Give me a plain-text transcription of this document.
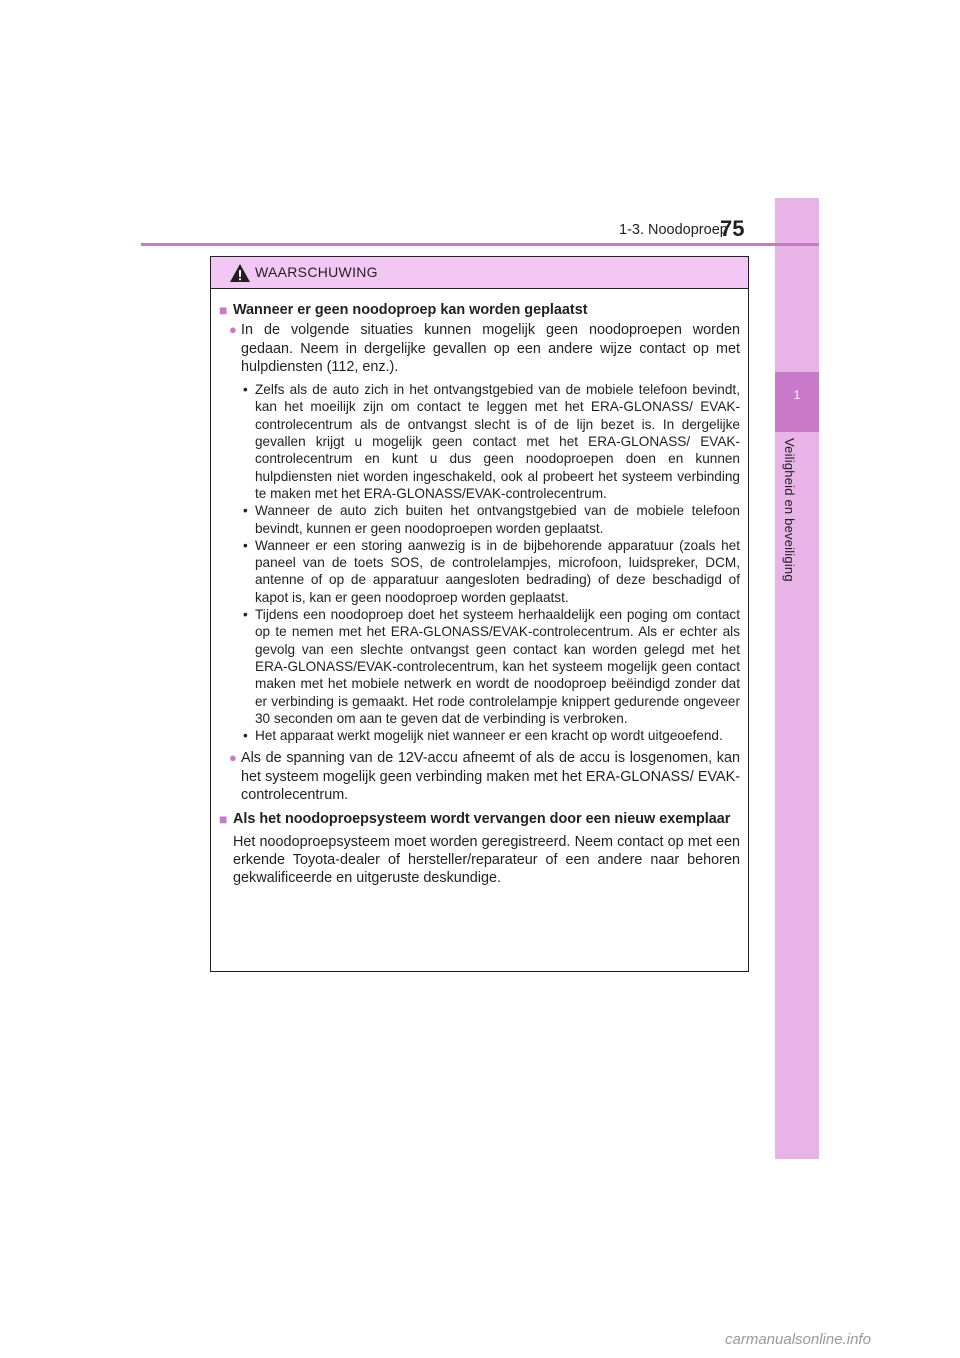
1
Veiligheid en beveiliging
1-3. Noodoproep
75
WAARSCHUWING
■ Wanneer er geen noodoproep kan worden geplaatst
● In de volgende situaties kunnen mogelijk geen noodoproepen worden gedaan. Neem in dergelijke gevallen op een andere wijze contact op met hulpdiensten (112, enz.).
• Zelfs als de auto zich in het ontvangstgebied van de mobiele telefoon bevindt, kan het moeilijk zijn om contact te leggen met het ERA-GLONASS/ EVAK-controlecentrum als de ontvangst slecht is of de lijn bezet is. In dergelijke gevallen krijgt u mogelijk geen contact met het ERA-GLONASS/ EVAK-controlecentrum en kunt u dus geen noodoproepen doen en kunnen hulpdiensten niet worden ingeschakeld, ook al probeert het systeem verbinding te maken met het ERA-GLONASS/EVAK-controlecentrum.
• Wanneer de auto zich buiten het ontvangstgebied van de mobiele telefoon bevindt, kunnen er geen noodoproepen worden geplaatst.
• Wanneer er een storing aanwezig is in de bijbehorende apparatuur (zoals het paneel van de toets SOS, de controlelampjes, microfoon, luidspreker, DCM, antenne of op de apparatuur aangesloten bedrading) of deze beschadigd of kapot is, kan er geen noodoproep worden geplaatst.
• Tijdens een noodoproep doet het systeem herhaaldelijk een poging om contact op te nemen met het ERA-GLONASS/EVAK-controlecentrum. Als er echter als gevolg van een slechte ontvangst geen contact kan worden gelegd met het ERA-GLONASS/EVAK-controlecentrum, kan het systeem mogelijk geen contact maken met het mobiele netwerk en wordt de noodoproep beëindigd zonder dat er verbinding is gemaakt. Het rode controlelampje knippert gedurende ongeveer 30 seconden om aan te geven dat de verbinding is verbroken.
• Het apparaat werkt mogelijk niet wanneer er een kracht op wordt uitgeoefend.
● Als de spanning van de 12V-accu afneemt of als de accu is losgenomen, kan het systeem mogelijk geen verbinding maken met het ERA-GLONASS/ EVAK-controlecentrum.
■ Als het noodoproepsysteem wordt vervangen door een nieuw exemplaar
Het noodoproepsysteem moet worden geregistreerd. Neem contact op met een erkende Toyota-dealer of hersteller/reparateur of een andere naar behoren gekwalificeerde en uitgeruste deskundige.
carmanualsonline.info
